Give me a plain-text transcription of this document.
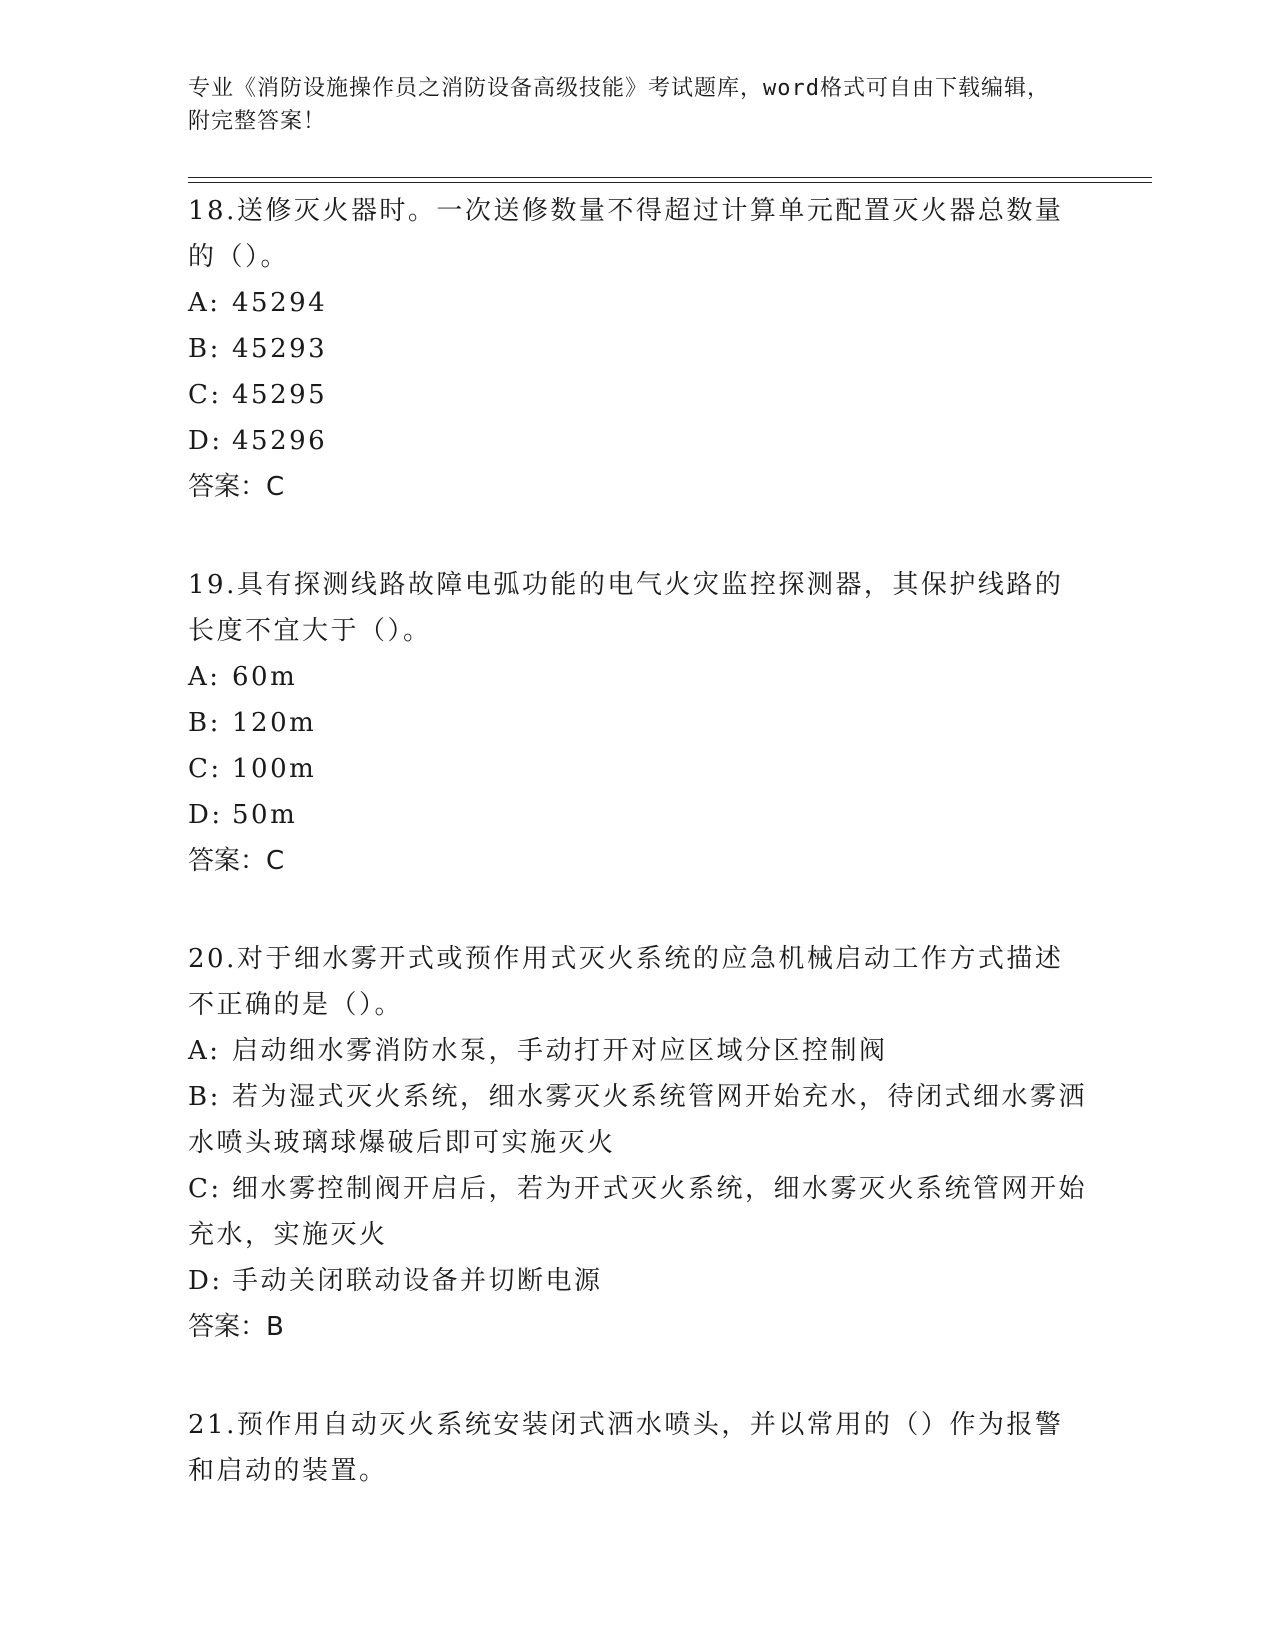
专业《消防设施操作员之消防设备高级技能》考试题库，word格式可自由下载编辑，附完整答案！
18.送修灭火器时。一次送修数量不得超过计算单元配置灭火器总数量的（）。
A: 45294
B: 45293
C: 45295
D: 45296
答案：C
19.具有探测线路故障电弧功能的电气火灾监控探测器，其保护线路的长度不宜大于（）。
A: 60m
B: 120m
C: 100m
D: 50m
答案：C
20.对于细水雾开式或预作用式灭火系统的应急机械启动工作方式描述不正确的是（）。
A: 启动细水雾消防水泵，手动打开对应区域分区控制阀
B: 若为湿式灭火系统，细水雾灭火系统管网开始充水，待闭式细水雾洒水喷头玻璃球爆破后即可实施灭火
C: 细水雾控制阀开启后，若为开式灭火系统，细水雾灭火系统管网开始充水，实施灭火
D: 手动关闭联动设备并切断电源
答案：B
21.预作用自动灭火系统安装闭式洒水喷头，并以常用的（）作为报警和启动的装置。
